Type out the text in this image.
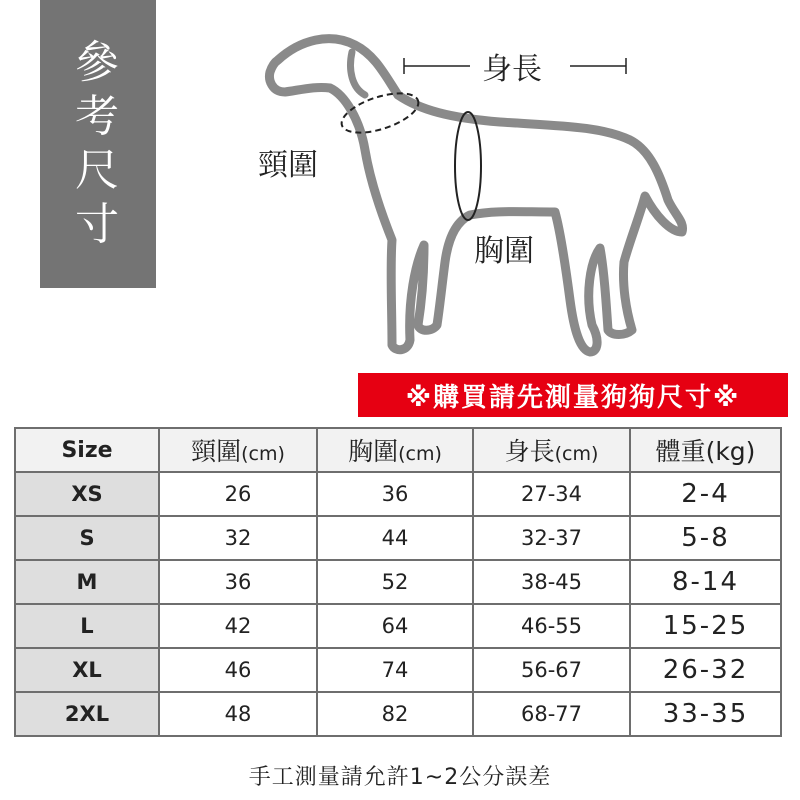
參
考
尺
寸
身長
頸圍
胸圍
※購買請先測量狗狗尺寸※
Size	頸圍(cm)	胸圍(cm)	身長(cm)	體重(kg)
XS	26	36	27-34	2-4
S	32	44	32-37	5-8
M	36	52	38-45	8-14
L	42	64	46-55	15-25
XL	46	74	56-67	26-32
2XL	48	82	68-77	33-35
手工測量請允許1~2公分誤差
